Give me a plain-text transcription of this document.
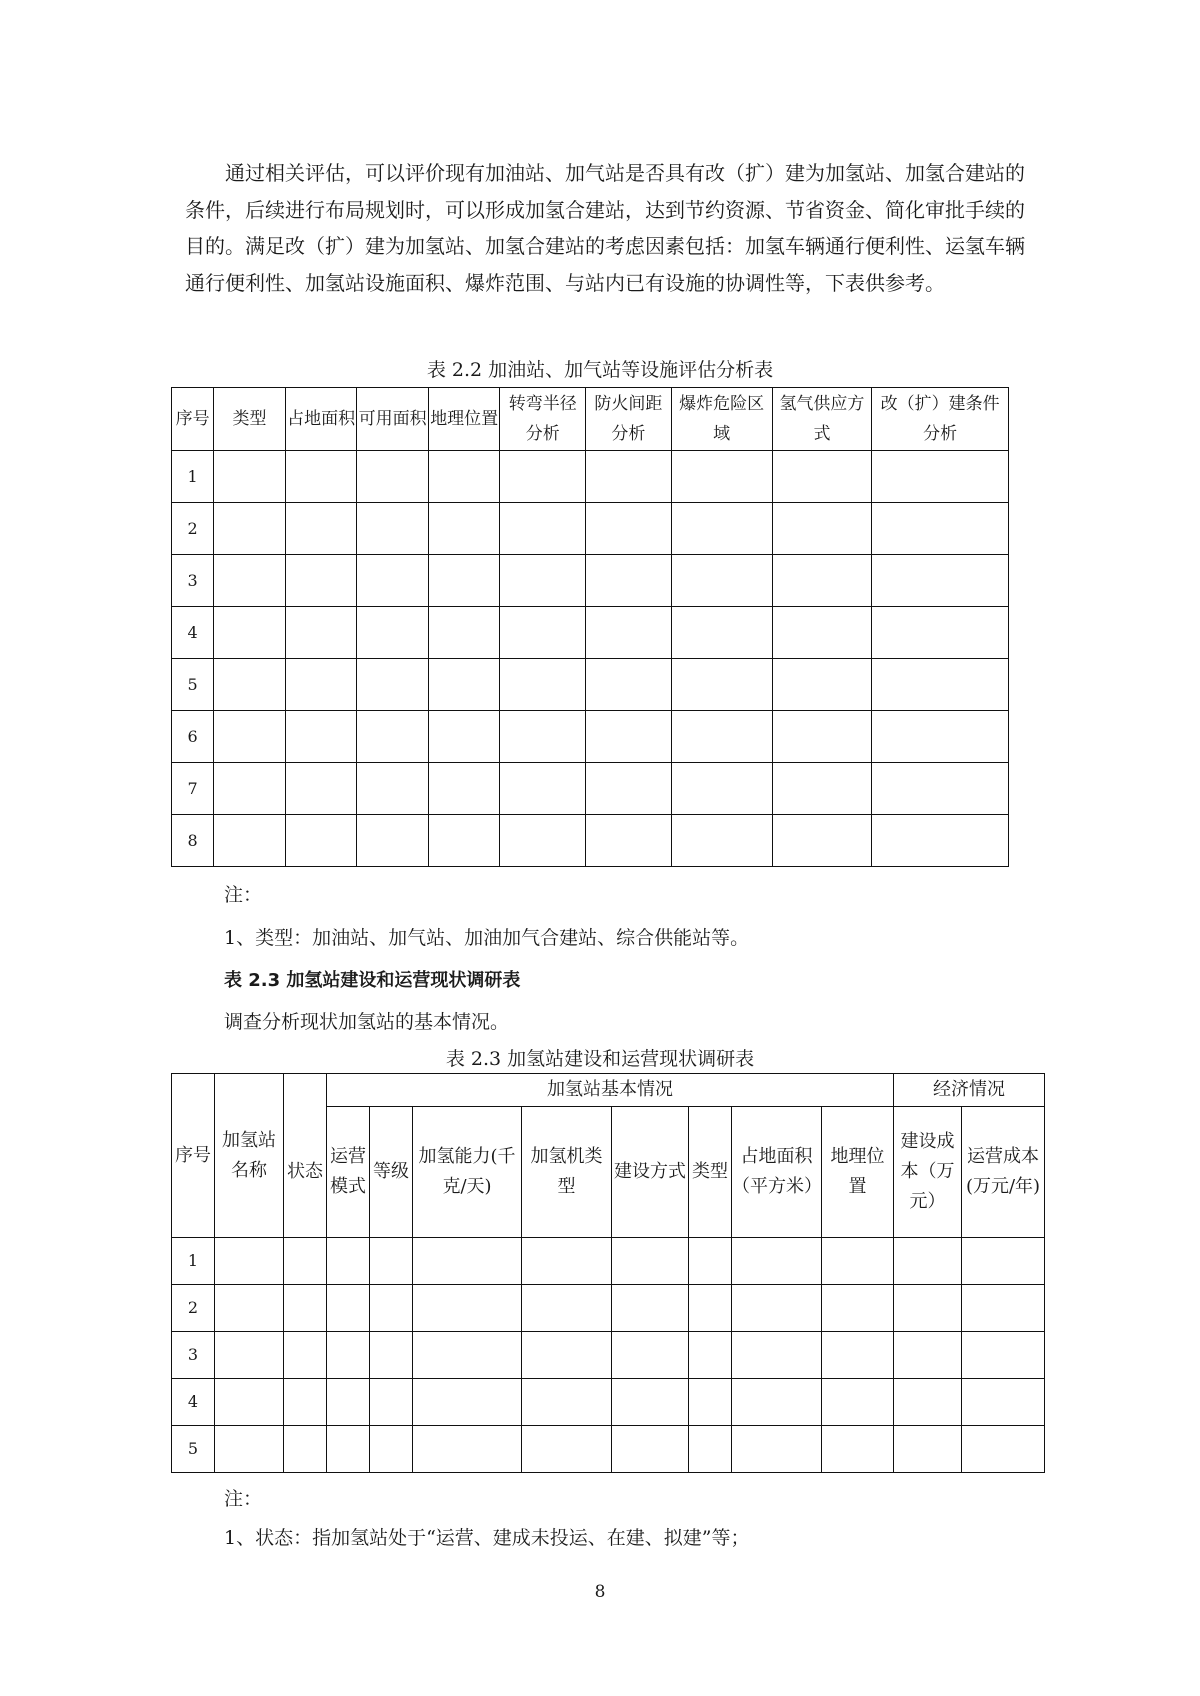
通过相关评估，可以评价现有加油站、加气站是否具有改（扩）建为加氢站、加氢合建站的条件，后续进行布局规划时，可以形成加氢合建站，达到节约资源、节省资金、简化审批手续的目的。满足改（扩）建为加氢站、加氢合建站的考虑因素包括：加氢车辆通行便利性、运氢车辆通行便利性、加氢站设施面积、爆炸范围、与站内已有设施的协调性等，下表供参考。

表 2.2 加油站、加气站等设施评估分析表

序号	类型	占地面积	可用面积	地理位置	转弯半径分析	防火间距分析	爆炸危险区域	氢气供应方式	改（扩）建条件分析
1									
2									
3									
4									
5									
6									
7									
8									

注：

1、类型：加油站、加气站、加油加气合建站、综合供能站等。

表 2.3 加氢站建设和运营现状调研表

调查分析现状加氢站的基本情况。

表 2.3 加氢站建设和运营现状调研表

序号	加氢站名称		加氢站基本情况								经济情况	
		状态	运营模式	等级	加氢能力(千克/天)	加氢机类型	建设方式	类型	占地面积（平方米）	地理位置	建设成本（万元）	运营成本(万元/年)
1												
2												
3												
4												
5												

注：

1、状态：指加氢站处于“运营、建成未投运、在建、拟建”等；

8
